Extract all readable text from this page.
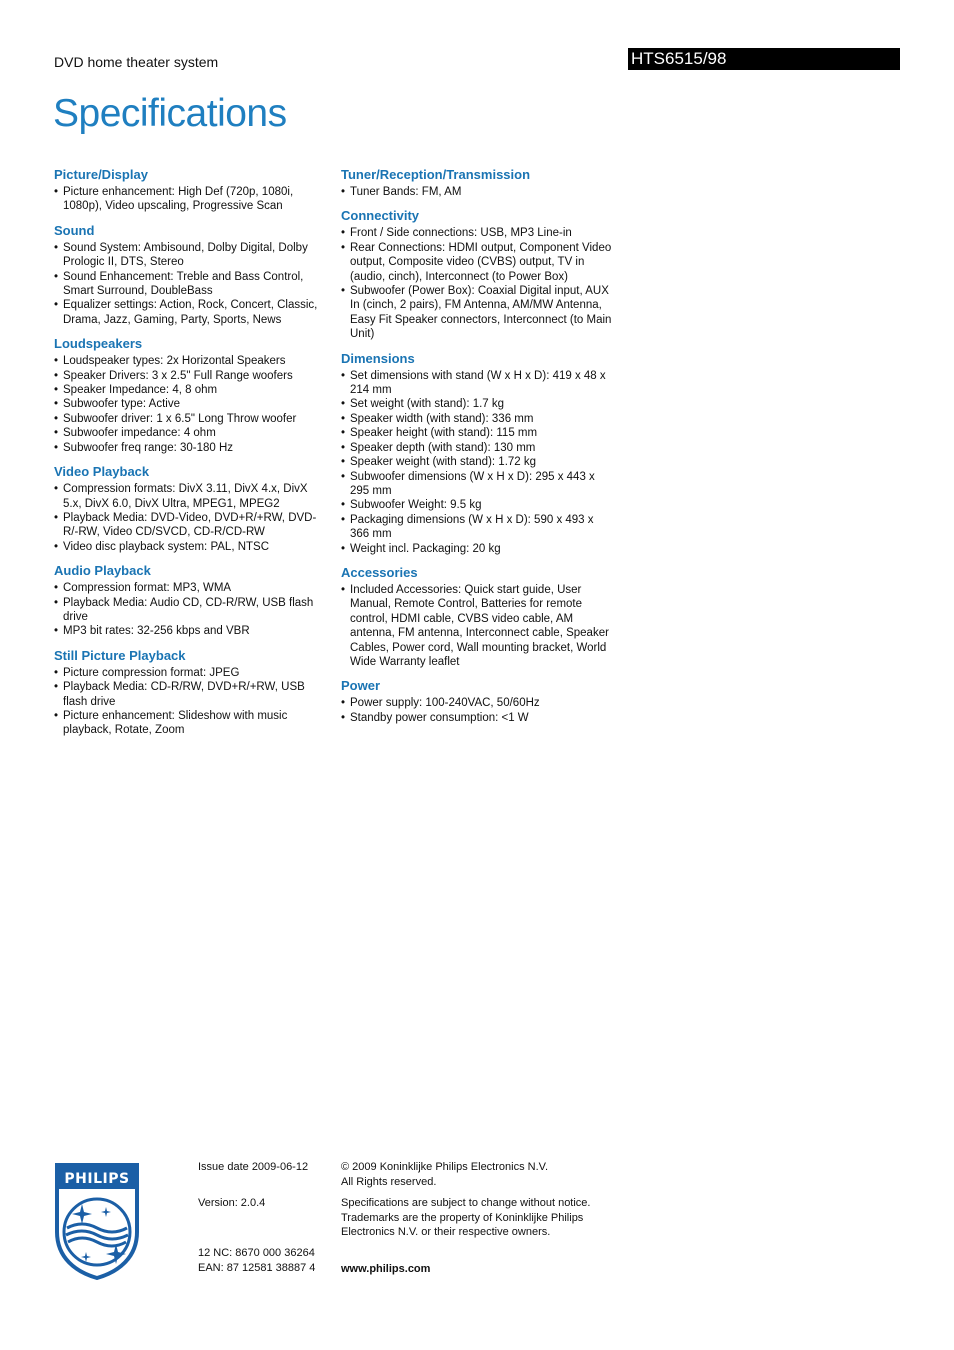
DVD home theater system	HTS6515/98
Specifications
Picture/Display
• Picture enhancement: High Def (720p, 1080i, 1080p), Video upscaling, Progressive Scan
Sound
• Sound System: Ambisound, Dolby Digital, Dolby Prologic II, DTS, Stereo
• Sound Enhancement: Treble and Bass Control, Smart Surround, DoubleBass
• Equalizer settings: Action, Rock, Concert, Classic, Drama, Jazz, Gaming, Party, Sports, News
Loudspeakers
• Loudspeaker types: 2x Horizontal Speakers
• Speaker Drivers: 3 x 2.5" Full Range woofers
• Speaker Impedance: 4, 8 ohm
• Subwoofer type: Active
• Subwoofer driver: 1 x 6.5" Long Throw woofer
• Subwoofer impedance: 4 ohm
• Subwoofer freq range: 30-180 Hz
Video Playback
• Compression formats: DivX 3.11, DivX 4.x, DivX 5.x, DivX 6.0, DivX Ultra, MPEG1, MPEG2
• Playback Media: DVD-Video, DVD+R/+RW, DVD-R/-RW, Video CD/SVCD, CD-R/CD-RW
• Video disc playback system: PAL, NTSC
Audio Playback
• Compression format: MP3, WMA
• Playback Media: Audio CD, CD-R/RW, USB flash drive
• MP3 bit rates: 32-256 kbps and VBR
Still Picture Playback
• Picture compression format: JPEG
• Playback Media: CD-R/RW, DVD+R/+RW, USB flash drive
• Picture enhancement: Slideshow with music playback, Rotate, Zoom
Tuner/Reception/Transmission
• Tuner Bands: FM, AM
Connectivity
• Front / Side connections: USB, MP3 Line-in
• Rear Connections: HDMI output, Component Video output, Composite video (CVBS) output, TV in (audio, cinch), Interconnect (to Power Box)
• Subwoofer (Power Box): Coaxial Digital input, AUX In (cinch, 2 pairs), FM Antenna, AM/MW Antenna, Easy Fit Speaker connectors, Interconnect (to Main Unit)
Dimensions
• Set dimensions with stand (W x H x D): 419 x 48 x 214 mm
• Set weight (with stand): 1.7 kg
• Speaker width (with stand): 336 mm
• Speaker height (with stand): 115 mm
• Speaker depth (with stand): 130 mm
• Speaker weight (with stand): 1.72 kg
• Subwoofer dimensions (W x H x D): 295 x 443 x 295 mm
• Subwoofer Weight: 9.5 kg
• Packaging dimensions (W x H x D): 590 x 493 x 366 mm
• Weight incl. Packaging: 20 kg
Accessories
• Included Accessories: Quick start guide, User Manual, Remote Control, Batteries for remote control, HDMI cable, CVBS video cable, AM antenna, FM antenna, Interconnect cable, Speaker Cables, Power cord, Wall mounting bracket, World Wide Warranty leaflet
Power
• Power supply: 100-240VAC, 50/60Hz
• Standby power consumption: <1 W
PHILIPS

Issue date 2009-06-12

Version: 2.0.4

12 NC: 8670 000 36264

EAN: 87 12581 38887 4

© 2009 Koninklijke Philips Electronics N.V.

All Rights reserved.

Specifications are subject to change without notice. Trademarks are the property of Koninklijke Philips Electronics N.V. or their respective owners.

www.philips.com
